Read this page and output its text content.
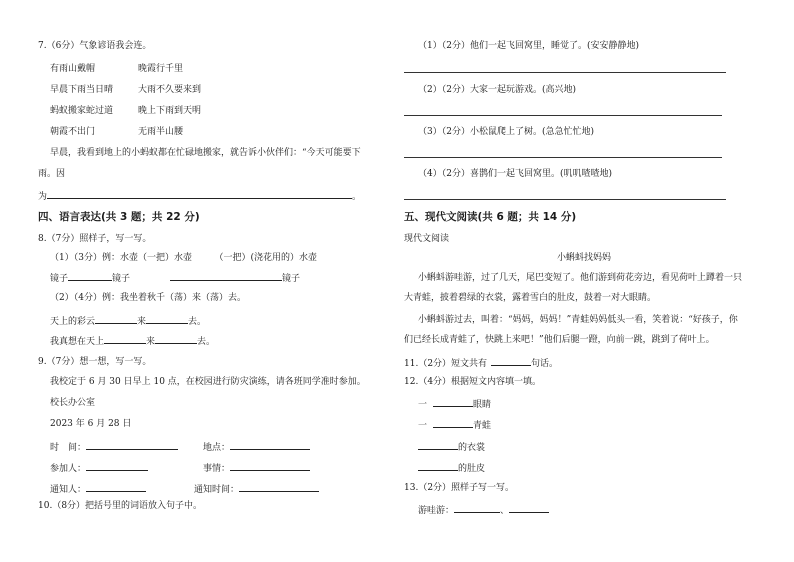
7.（6分）气象谚语我会连。
有雨山戴帽	晚霞行千里
早晨下雨当日晴	大雨不久要来到
蚂蚁搬家蛇过道	晚上下雨到天明
朝霞不出门	无雨半山腰
早晨，我看到地上的小蚂蚁都在忙碌地搬家，就告诉小伙伴们：“今天可能要下
雨。因
为	。
四、语言表达(共 3 题；共 22 分)
8.（7分）照样子，写一写。
（1）（3分）例：水壶（一把）水壶　　　（一把）(浇花用的）水壶
镜子	镜子	镜子
（2）（4分）例：我坐着秋千（荡）来（荡）去。
天上的彩云	来	去。
我真想在天上	来	去。
9.（7分）想一想，写一写。
我校定于 6 月 30 日早上 10 点，在校园进行防灾演练，请各班同学准时参加。
校长办公室
2023 年 6 月 28 日
时　间：	地点：
参加人：	事情：
通知人：	通知时间：
10.（8分）把括号里的词语放入句子中。
（1）（2分）他们一起飞回窝里，睡觉了。(安安静静地)
（2）（2分）大家一起玩游戏。(高兴地)
（3）（2分）小松鼠爬上了树。(急急忙忙地)
（4）（2分）喜鹊们一起飞回窝里。(叽叽喳喳地)
五、现代文阅读(共 6 题；共 14 分)
现代文阅读
小蝌蚪找妈妈
小蝌蚪游哇游，过了几天，尾巴变短了。他们游到荷花旁边，看见荷叶上蹲着一只
大青蛙，披着碧绿的衣裳，露着雪白的肚皮，鼓着一对大眼睛。
小蝌蚪游过去，叫着：“妈妈，妈妈！”青蛙妈妈低头一看，笑着说：“好孩子，你
们已经长成青蛙了，快跳上来吧！”他们后腿一蹬，向前一跳，跳到了荷叶上。
11.（2分）短文共有	句话。
12.（4分）根据短文内容填一填。
一	眼睛
一	青蛙
的衣裳
的肚皮
13.（2分）照样子写一写。
游哇游：	、
